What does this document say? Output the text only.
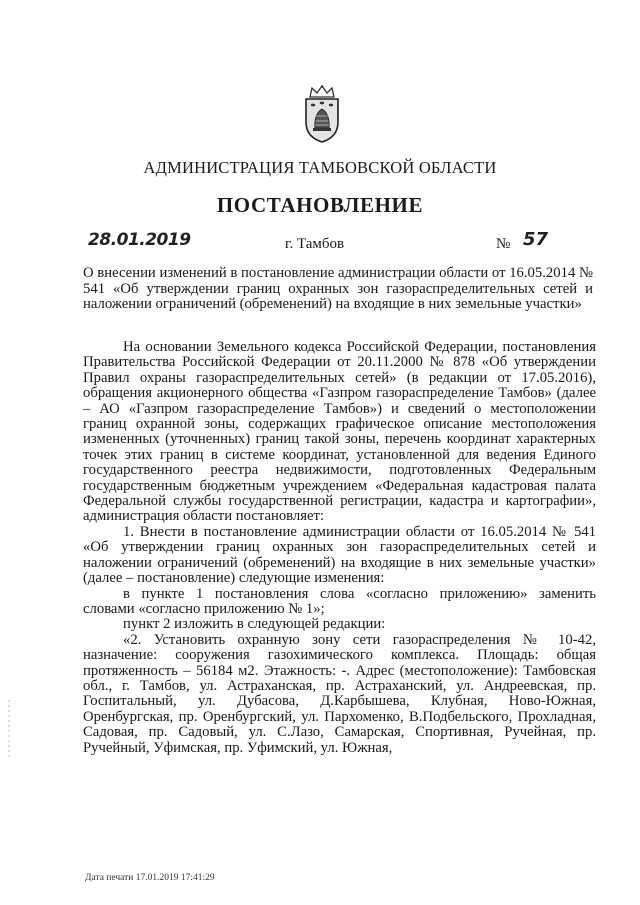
АДМИНИСТРАЦИЯ ТАМБОВСКОЙ ОБЛАСТИ
ПОСТАНОВЛЕНИЕ
28.01.2019	г. Тамбов	№ 57
О внесении изменений в постановление администрации области от 16.05.2014 № 541 «Об утверждении границ охранных зон газораспределительных сетей и наложении ограничений (обременений) на входящие в них земельные участки»

На основании Земельного кодекса Российской Федерации, постановления Правительства Российской Федерации от 20.11.2000 № 878 «Об утверждении Правил охраны газораспределительных сетей» (в редакции от 17.05.2016), обращения акционерного общества «Газпром газораспределение Тамбов» (далее – АО «Газпром газораспределение Тамбов») и сведений о местоположении границ охранной зоны, содержащих графическое описание местоположения измененных (уточненных) границ такой зоны, перечень координат характерных точек этих границ в системе координат, установленной для ведения Единого государственного реестра недвижимости, подготовленных Федеральным государственным бюджетным учреждением «Федеральная кадастровая палата Федеральной службы государственной регистрации, кадастра и картографии», администрация области постановляет:

1. Внести в постановление администрации области от 16.05.2014 № 541 «Об утверждении границ охранных зон газораспределительных сетей и наложении ограничений (обременений) на входящие в них земельные участки» (далее – постановление) следующие изменения:

в пункте 1 постановления слова «согласно приложению» заменить словами «согласно приложению № 1»;

пункт 2 изложить в следующей редакции:

«2. Установить охранную зону сети газораспределения № 10-42, назначение: сооружения газохимического комплекса. Площадь: общая протяженность – 56184 м2. Этажность: -. Адрес (местоположение): Тамбовская обл., г. Тамбов, ул. Астраханская, пр. Астраханский, ул. Андреевская, пр. Госпитальный, ул. Дубасова, Д.Карбышева, Клубная, Ново-Южная, Оренбургская, пр. Оренбургский, ул. Пархоменко, В.Подбельского, Прохладная, Садовая, пр. Садовый, ул. С.Лазо, Самарская, Спортивная, Ручейная, пр. Ручейный, Уфимская, пр. Уфимский, ул. Южная,

Дата печати 17.01.2019 17:41:29
